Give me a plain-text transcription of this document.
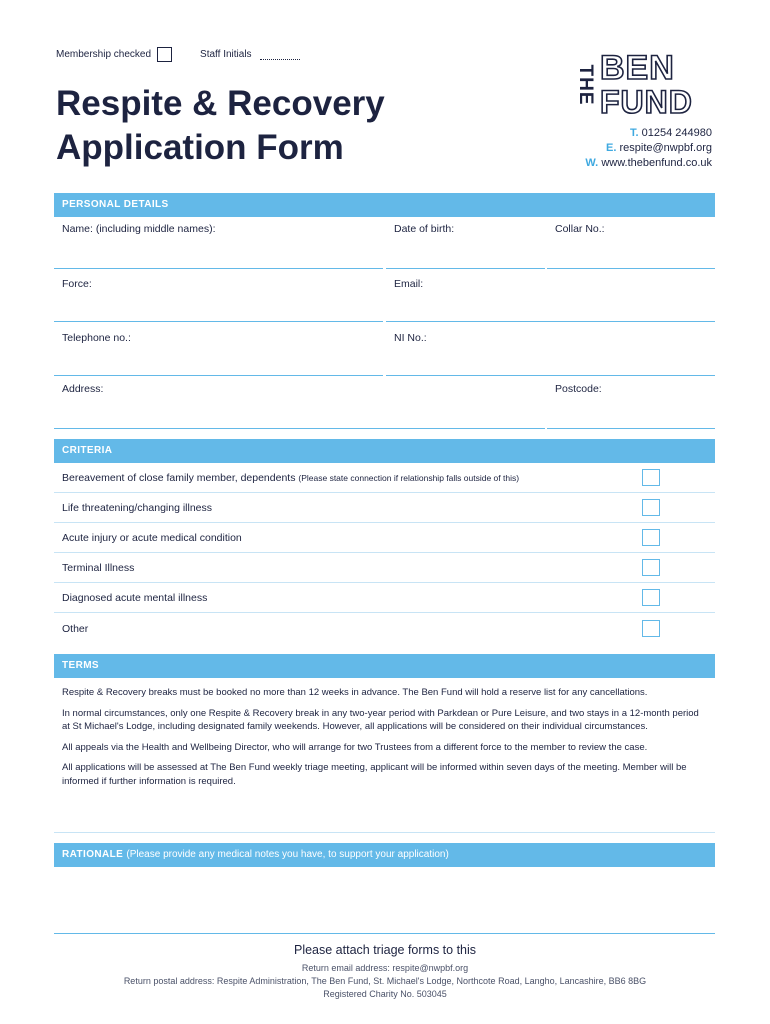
Membership checked	Staff Initials
Respite & Recovery
Application Form
THE BEN
FUND
T. 01254 244980
E. respite@nwpbf.org
W. www.thebenfund.co.uk
PERSONAL DETAILS
Name: (including middle names):	Date of birth:	Collar No.:
Force:	Email:
Telephone no.:	NI No.:
Address:	Postcode:
CRITERIA
Bereavement of close family member, dependents (Please state connection if relationship falls outside of this)
Life threatening/changing illness
Acute injury or acute medical condition
Terminal Illness
Diagnosed acute mental illness
Other
TERMS

Respite & Recovery breaks must be booked no more than 12 weeks in advance. The Ben Fund will hold a reserve list for any cancellations.

In normal circumstances, only one Respite & Recovery break in any two-year period with Parkdean or Pure Leisure, and two stays in a 12-month period at St Michael's Lodge, including designated family weekends. However, all applications will be considered on their individual circumstances.

All appeals via the Health and Wellbeing Director, who will arrange for two Trustees from a different force to the member to review the case.

All applications will be assessed at The Ben Fund weekly triage meeting, applicant will be informed within seven days of the meeting. Member will be informed if further information is required.

RATIONALE (Please provide any medical notes you have, to support your application)
Please attach triage forms to this
Return email address: respite@nwpbf.org
Return postal address: Respite Administration, The Ben Fund, St. Michael's Lodge, Northcote Road, Langho, Lancashire, BB6 8BG
Registered Charity No. 503045
